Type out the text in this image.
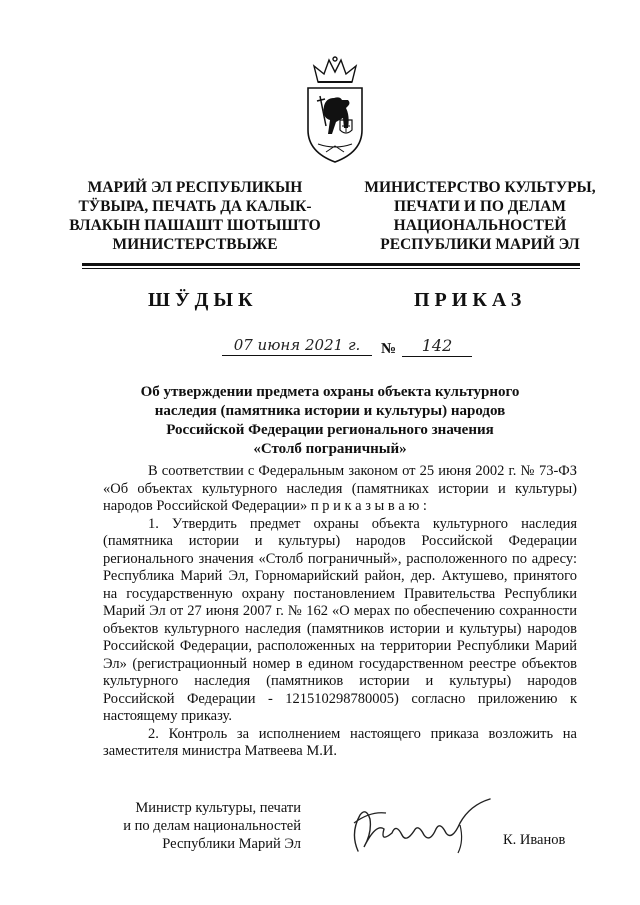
МАРИЙ ЭЛ РЕСПУБЛИКЫН
ТӰВЫРА, ПЕЧАТЬ ДА КАЛЫК-
ВЛАКЫН ПАШАШТ ШОТЫШТО
МИНИСТЕРСТВЫЖЕ
МИНИСТЕРСТВО КУЛЬТУРЫ,
ПЕЧАТИ И ПО ДЕЛАМ
НАЦИОНАЛЬНОСТЕЙ
РЕСПУБЛИКИ МАРИЙ ЭЛ
ШӰДЫК	ПРИКАЗ
07 июня 2021 г.	№	142
Об утверждении предмета охраны объекта культурного
наследия (памятника истории и культуры) народов
Российской Федерации регионального значения
«Столб пограничный»

В соответствии с Федеральным законом от 25 июня 2002 г. № 73-ФЗ «Об объектах культурного наследия (памятниках истории и культуры) народов Российской Федерации» п р и к а з ы в а ю :

1. Утвердить предмет охраны объекта культурного наследия (памятника истории и культуры) народов Российской Федерации регионального значения «Столб пограничный», расположенного по адресу: Республика Марий Эл, Горномарийский район, дер. Актушево, принятого на государственную охрану постановлением Правительства Республики Марий Эл от 27 июня 2007 г. № 162 «О мерах по обеспечению сохранности объектов культурного наследия (памятников истории и культуры) народов Российской Федерации, расположенных на территории Республики Марий Эл» (регистрационный номер в едином государственном реестре объектов культурного наследия (памятников истории и культуры) народов Российской Федерации - 121510298780005) согласно приложению к настоящему приказу.

2. Контроль за исполнением настоящего приказа возложить на заместителя министра Матвеева М.И.

Министр культуры, печати
и по делам национальностей
Республики Марий Эл	К. Иванов
